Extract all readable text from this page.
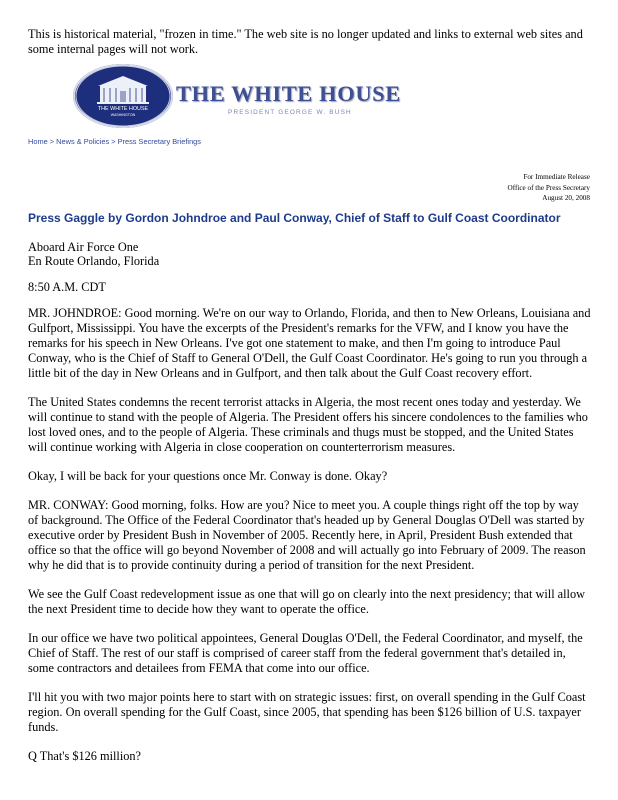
This is historical material, "frozen in time." The web site is no longer updated and links to external web sites and some internal pages will not work.
THE WHITE HOUSE
WASHINGTON
THE WHITE HOUSE
PRESIDENT GEORGE W. BUSH
Home > News & Policies > Press Secretary Briefings
For Immediate Release
Office of the Press Secretary
August 20, 2008
Press Gaggle by Gordon Johndroe and Paul Conway, Chief of Staff to Gulf Coast Coordinator
Aboard Air Force One
En Route Orlando, Florida

8:50 A.M. CDT

MR. JOHNDROE: Good morning. We're on our way to Orlando, Florida, and then to New Orleans, Louisiana and Gulfport, Mississippi. You have the excerpts of the President's remarks for the VFW, and I know you have the remarks for his speech in New Orleans. I've got one statement to make, and then I'm going to introduce Paul Conway, who is the Chief of Staff to General O'Dell, the Gulf Coast Coordinator. He's going to run you through a little bit of the day in New Orleans and in Gulfport, and then talk about the Gulf Coast recovery effort.

The United States condemns the recent terrorist attacks in Algeria, the most recent ones today and yesterday. We will continue to stand with the people of Algeria. The President offers his sincere condolences to the families who lost loved ones, and to the people of Algeria. These criminals and thugs must be stopped, and the United States will continue working with Algeria in close cooperation on counterterrorism measures.

Okay, I will be back for your questions once Mr. Conway is done. Okay?

MR. CONWAY: Good morning, folks. How are you? Nice to meet you. A couple things right off the top by way of background. The Office of the Federal Coordinator that's headed up by General Douglas O'Dell was started by executive order by President Bush in November of 2005. Recently here, in April, President Bush extended that office so that the office will go beyond November of 2008 and will actually go into February of 2009. The reason why he did that is to provide continuity during a period of transition for the next President.

We see the Gulf Coast redevelopment issue as one that will go on clearly into the next presidency; that will allow the next President time to decide how they want to operate the office.

In our office we have two political appointees, General Douglas O'Dell, the Federal Coordinator, and myself, the Chief of Staff. The rest of our staff is comprised of career staff from the federal government that's detailed in, some contractors and detailees from FEMA that come into our office.

I'll hit you with two major points here to start with on strategic issues: first, on overall spending in the Gulf Coast region. On overall spending for the Gulf Coast, since 2005, that spending has been $126 billion of U.S. taxpayer funds.

Q That's $126 million?
